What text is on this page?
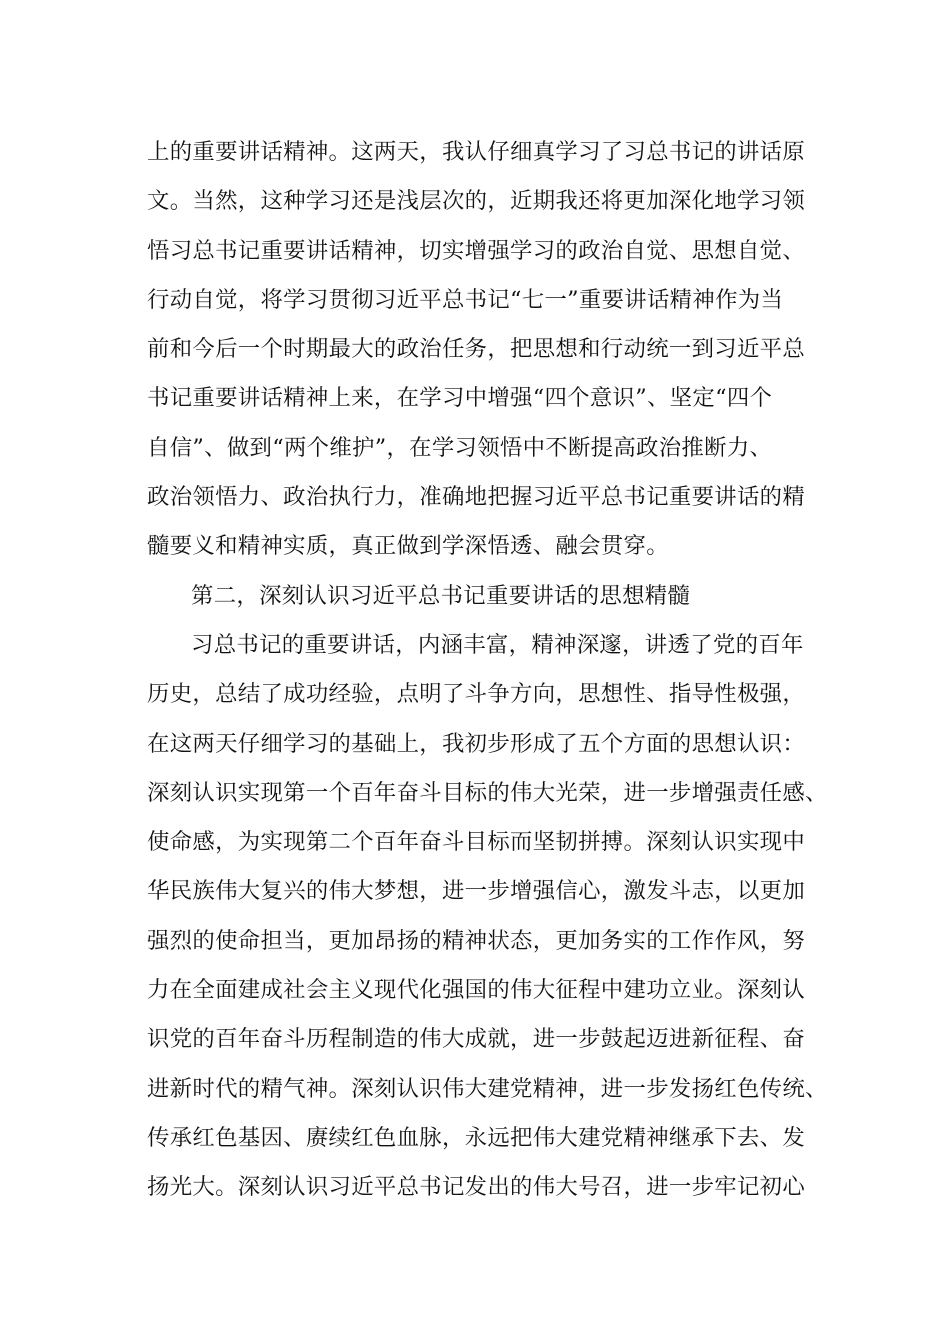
上的重要讲话精神。这两天，我认仔细真学习了习总书记的讲话原
文。当然，这种学习还是浅层次的，近期我还将更加深化地学习领
悟习总书记重要讲话精神，切实增强学习的政治自觉、思想自觉、
行动自觉，将学习贯彻习近平总书记“七一”重要讲话精神作为当
前和今后一个时期最大的政治任务，把思想和行动统一到习近平总
书记重要讲话精神上来，在学习中增强“四个意识”、坚定“四个
自信”、做到“两个维护”，在学习领悟中不断提高政治推断力、
政治领悟力、政治执行力，准确地把握习近平总书记重要讲话的精
髓要义和精神实质，真正做到学深悟透、融会贯穿。
第二，深刻认识习近平总书记重要讲话的思想精髓
习总书记的重要讲话，内涵丰富，精神深邃，讲透了党的百年
历史，总结了成功经验，点明了斗争方向，思想性、指导性极强，
在这两天仔细学习的基础上，我初步形成了五个方面的思想认识：
深刻认识实现第一个百年奋斗目标的伟大光荣，进一步增强责任感、
使命感，为实现第二个百年奋斗目标而坚韧拼搏。深刻认识实现中
华民族伟大复兴的伟大梦想，进一步增强信心，激发斗志，以更加
强烈的使命担当，更加昂扬的精神状态，更加务实的工作作风，努
力在全面建成社会主义现代化强国的伟大征程中建功立业。深刻认
识党的百年奋斗历程制造的伟大成就，进一步鼓起迈进新征程、奋
进新时代的精气神。深刻认识伟大建党精神，进一步发扬红色传统、
传承红色基因、赓续红色血脉，永远把伟大建党精神继承下去、发
扬光大。深刻认识习近平总书记发出的伟大号召，进一步牢记初心
